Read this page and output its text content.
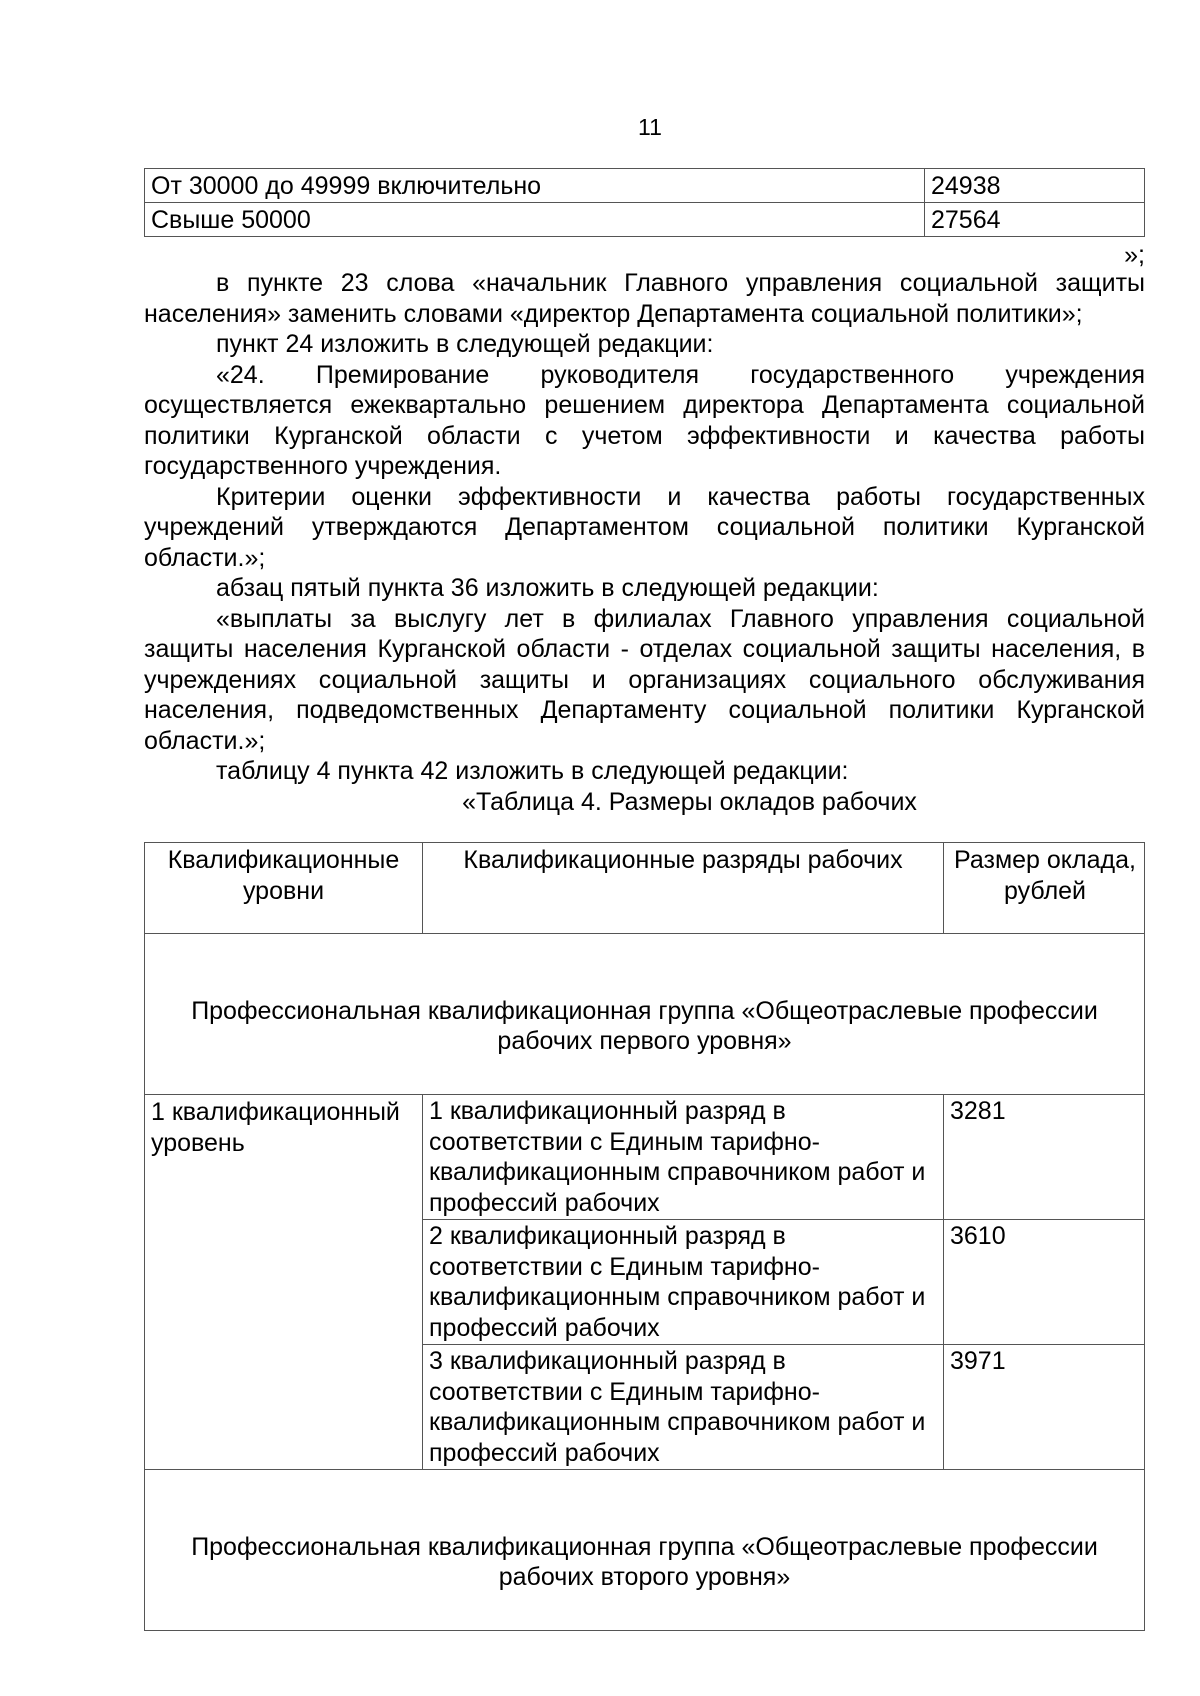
11
От 30000 до 49999 включительно	24938
Свыше 50000	27564
»;

в пункте 23 слова «начальник Главного управления социальной защиты населения» заменить словами «директор Департамента социальной политики»;

пункт 24 изложить в следующей редакции:

«24. Премирование руководителя государственного учреждения осуществляется ежеквартально решением директора Департамента социальной политики Курганской области с учетом эффективности и качества работы государственного учреждения.

Критерии оценки эффективности и качества работы государственных учреждений утверждаются Департаментом социальной политики Курганской области.»;

абзац пятый пункта 36 изложить в следующей редакции:

«выплаты за выслугу лет в филиалах Главного управления социальной защиты населения Курганской области - отделах социальной защиты населения, в учреждениях социальной защиты и организациях социального обслуживания населения, подведомственных Департаменту социальной политики Курганской области.»;

таблицу 4 пункта 42 изложить в следующей редакции:

«Таблица 4. Размеры окладов рабочих

Квалификационные уровни	Квалификационные разряды рабочих	Размер оклада, рублей
Профессиональная квалификационная группа «Общеотраслевые профессии рабочих первого уровня»		
1 квалификационный уровень	1 квалификационный разряд в соответствии с Единым тарифно-квалификационным справочником работ и профессий рабочих	3281
	2 квалификационный разряд в соответствии с Единым тарифно-квалификационным справочником работ и профессий рабочих	3610
	3 квалификационный разряд в соответствии с Единым тарифно-квалификационным справочником работ и профессий рабочих	3971
Профессиональная квалификационная группа «Общеотраслевые профессии рабочих второго уровня»		
